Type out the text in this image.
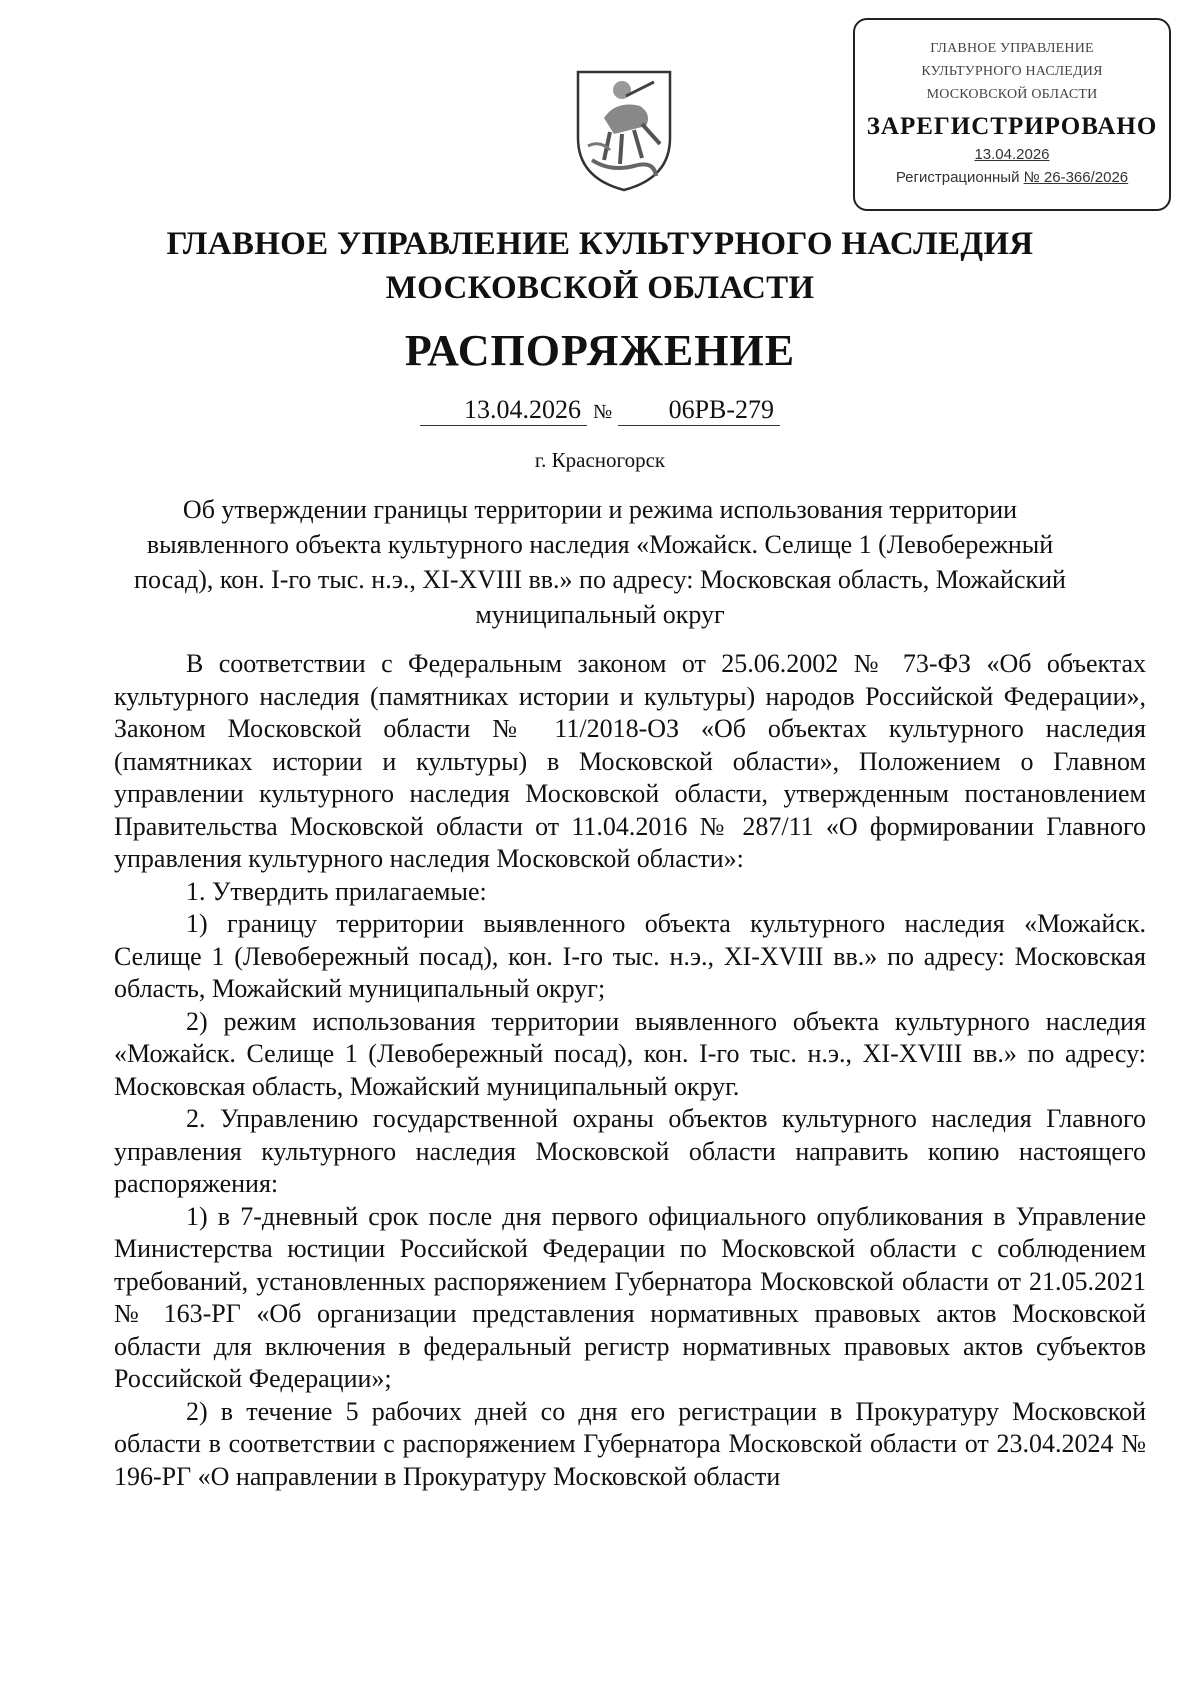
ГЛАВНОЕ УПРАВЛЕНИЕ
КУЛЬТУРНОГО НАСЛЕДИЯ
МОСКОВСКОЙ ОБЛАСТИ
ЗАРЕГИСТРИРОВАНО
13.04.2026
Регистрационный № 26-366/2026
ГЛАВНОЕ УПРАВЛЕНИЕ КУЛЬТУРНОГО НАСЛЕДИЯ
МОСКОВСКОЙ ОБЛАСТИ
РАСПОРЯЖЕНИЕ
13.04.2026 № 06РВ-279
г. Красногорск
Об утверждении границы территории и режима использования территории выявленного объекта культурного наследия «Можайск. Селище 1 (Левобережный посад), кон. I-го тыс. н.э., XI-XVIII вв.» по адресу: Московская область, Можайский муниципальный округ

В соответствии с Федеральным законом от 25.06.2002 № 73-ФЗ «Об объектах культурного наследия (памятниках истории и культуры) народов Российской Федерации», Законом Московской области № 11/2018-ОЗ «Об объектах культурного наследия (памятниках истории и культуры) в Московской области», Положением о Главном управлении культурного наследия Московской области, утвержденным постановлением Правительства Московской области от 11.04.2016 № 287/11 «О формировании Главного управления культурного наследия Московской области»:

1. Утвердить прилагаемые:

1) границу территории выявленного объекта культурного наследия «Можайск. Селище 1 (Левобережный посад), кон. I-го тыс. н.э., XI-XVIII вв.» по адресу: Московская область, Можайский муниципальный округ;

2) режим использования территории выявленного объекта культурного наследия «Можайск. Селище 1 (Левобережный посад), кон. I-го тыс. н.э., XI-XVIII вв.» по адресу: Московская область, Можайский муниципальный округ.

2. Управлению государственной охраны объектов культурного наследия Главного управления культурного наследия Московской области направить копию настоящего распоряжения:

1) в 7-дневный срок после дня первого официального опубликования в Управление Министерства юстиции Российской Федерации по Московской области с соблюдением требований, установленных распоряжением Губернатора Московской области от 21.05.2021 № 163-РГ «Об организации представления нормативных правовых актов Московской области для включения в федеральный регистр нормативных правовых актов субъектов Российской Федерации»;

2) в течение 5 рабочих дней со дня его регистрации в Прокуратуру Московской области в соответствии с распоряжением Губернатора Московской области от 23.04.2024 № 196-РГ «О направлении в Прокуратуру Московской области
